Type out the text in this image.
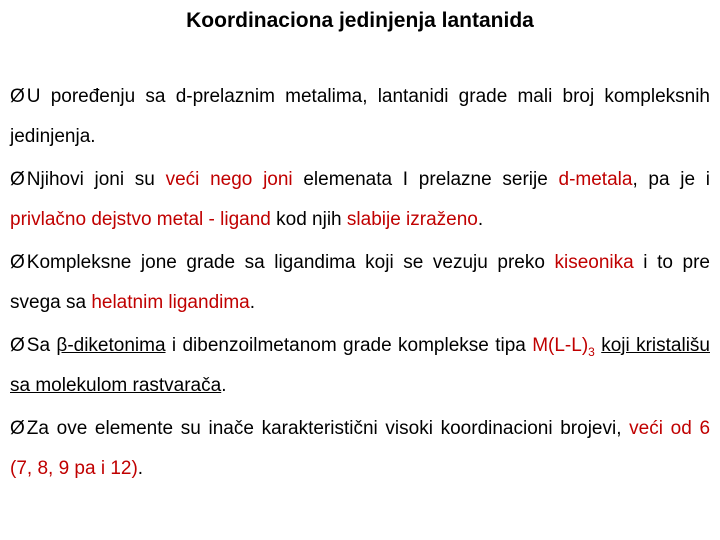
Koordinaciona jedinjenja lantanida
Ø U poređenju sa d-prelaznim metalima, lantanidi grade mali broj kompleksnih jedinjenja.
Ø Njihovi joni su veći nego joni elemenata I prelazne serije d-metala, pa je i privlačno dejstvo metal - ligand kod njih slabije izraženo.
Ø Kompleksne jone grade sa ligandima koji se vezuju preko kiseonika i to pre svega sa helatnim ligandima.
Ø Sa β-diketonima i dibenzoilmetanom grade komplekse tipa $M(L-L)_3$ koji kristališu sa molekulom rastvarača.
Ø Za ove elemente su inače karakteristični visoki koordinacioni brojevi, veći od 6 (7, 8, 9 pa i 12).
